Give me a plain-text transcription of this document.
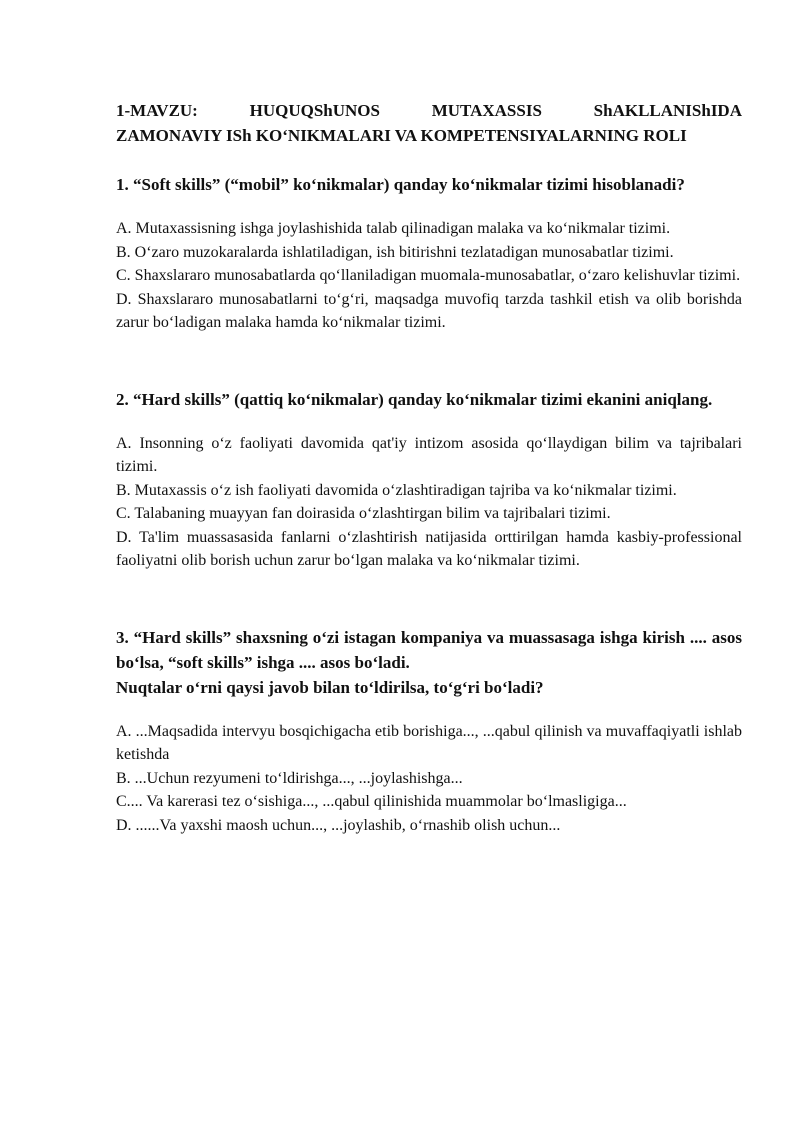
1-MAVZU: HUQUQShUNOS MUTAXASSIS ShAKLLANIShIDA
ZAMONAVIY ISh KO‘NIKMALARI VA KOMPETENSIYALARNING ROLI

1. “Soft skills” (“mobil” ko‘nikmalar) qanday ko‘nikmalar tizimi hisoblanadi?

A. Mutaxassisning ishga joylashishida talab qilinadigan malaka va ko‘nikmalar tizimi.

B. O‘zaro muzokaralarda ishlatiladigan, ish bitirishni tezlatadigan munosabatlar tizimi.

C. Shaxslararo munosabatlarda qo‘llaniladigan muomala-munosabatlar, o‘zaro kelishuvlar tizimi.

D. Shaxslararo munosabatlarni to‘g‘ri, maqsadga muvofiq tarzda tashkil etish va olib borishda zarur bo‘ladigan malaka hamda ko‘nikmalar tizimi.

2. “Hard skills” (qattiq ko‘nikmalar) qanday ko‘nikmalar tizimi ekanini aniqlang.

A. Insonning o‘z faoliyati davomida qat'iy intizom asosida qo‘llaydigan bilim va tajribalari tizimi.

B. Mutaxassis o‘z ish faoliyati davomida o‘zlashtiradigan tajriba va ko‘nikmalar tizimi.

C. Talabaning muayyan fan doirasida o‘zlashtirgan bilim va tajribalari tizimi.

D. Ta'lim muassasasida fanlarni o‘zlashtirish natijasida orttirilgan hamda kasbiy-professional faoliyatni olib borish uchun zarur bo‘lgan malaka va ko‘nikmalar tizimi.

3. “Hard skills” shaxsning o‘zi istagan kompaniya va muassasaga ishga kirish .... asos bo‘lsa, “soft skills” ishga .... asos bo‘ladi.

Nuqtalar o‘rni qaysi javob bilan to‘ldirilsa, to‘g‘ri bo‘ladi?

A. ...Maqsadida intervyu bosqichigacha etib borishiga..., ...qabul qilinish va muvaffaqiyatli ishlab ketishda

B. ...Uchun rezyumeni to‘ldirishga..., ...joylashishga...

C.... Va karerasi tez o‘sishiga..., ...qabul qilinishida muammolar bo‘lmasligiga...

D. ......Va yaxshi maosh uchun..., ...joylashib, o‘rnashib olish uchun...
